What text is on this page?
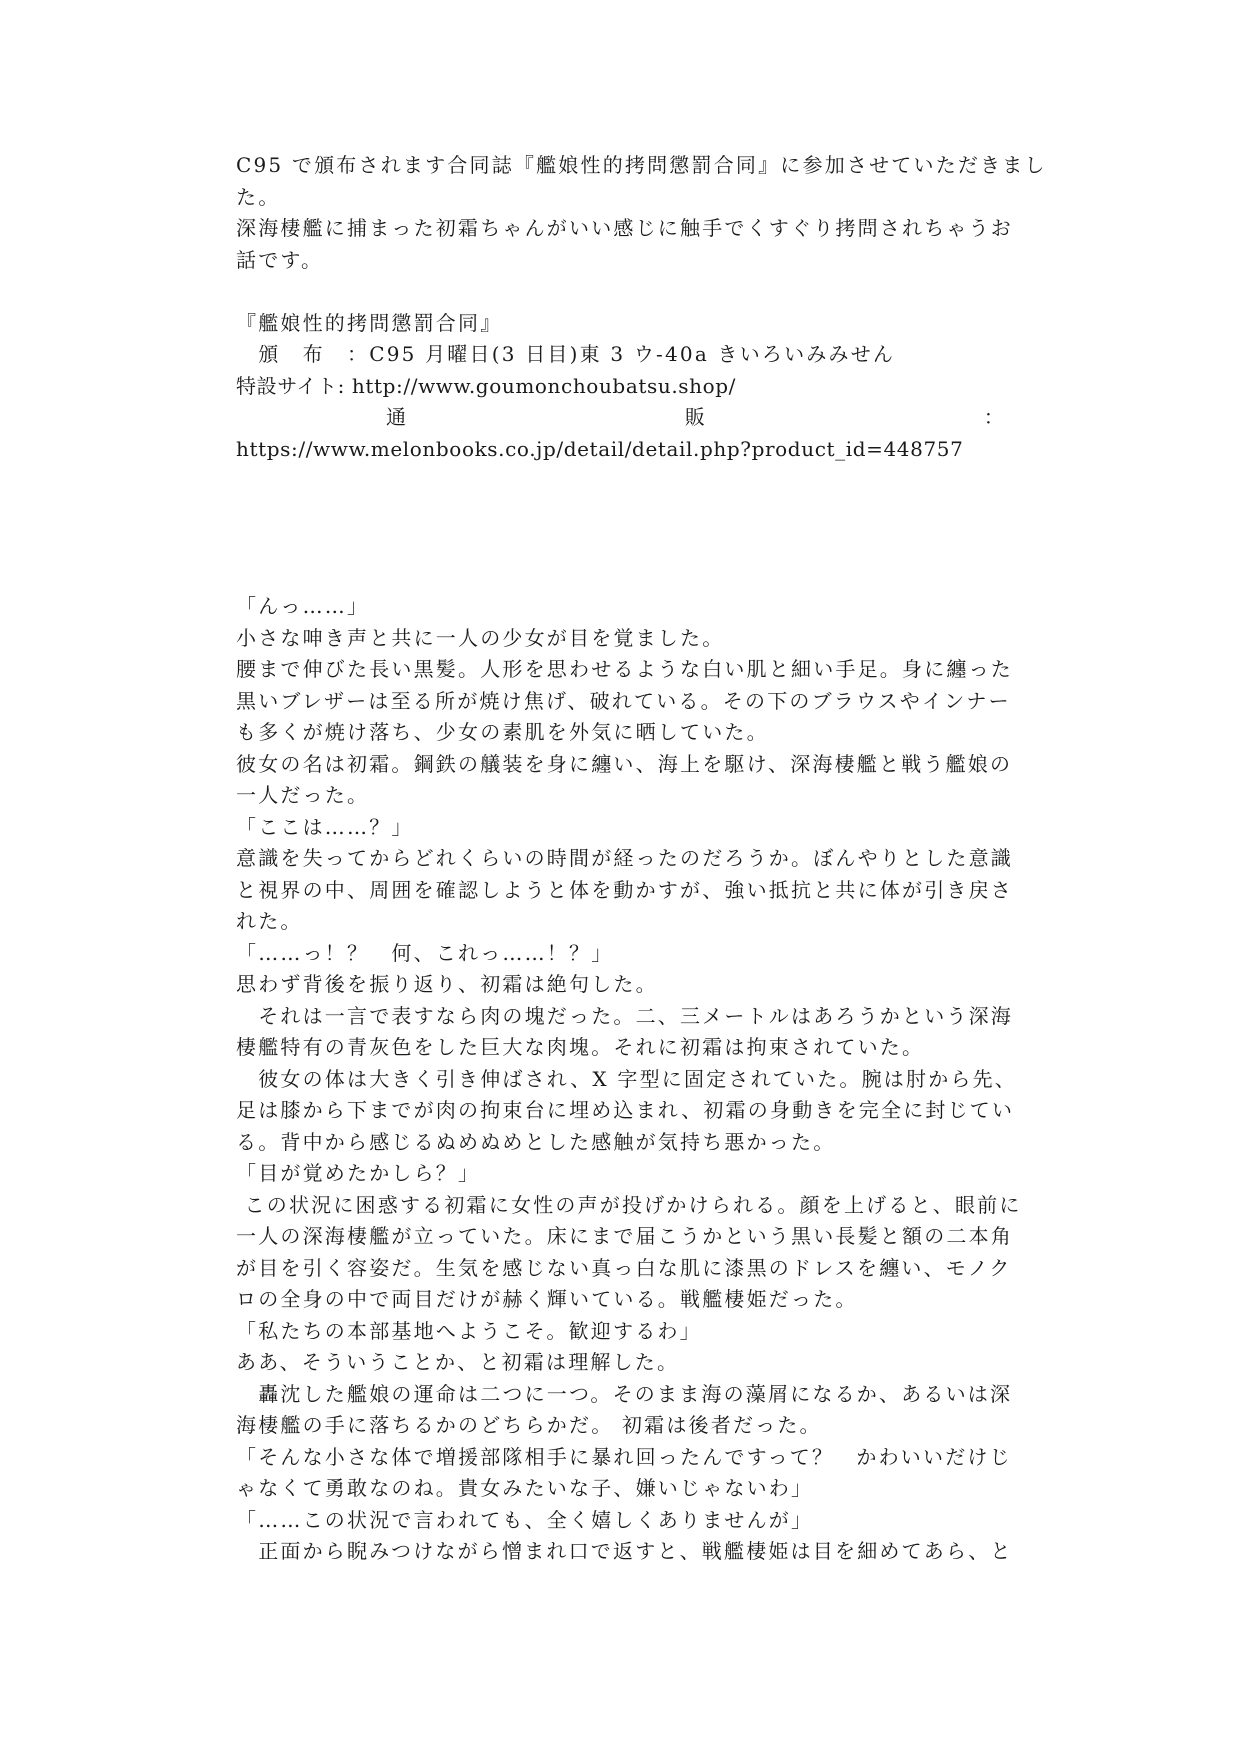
C95 で頒布されます合同誌『艦娘性的拷問懲罰合同』に参加させていただきまし

た。

深海棲艦に捕まった初霜ちゃんがいい感じに触手でくすぐり拷問されちゃうお

話です。

『艦娘性的拷問懲罰合同』

　頒　布　：C95 月曜日(3 日目)東 3 ウ-40a きいろいみみせん

特設サイト: http://www.goumonchoubatsu.shop/

通	販	：

https://www.melonbooks.co.jp/detail/detail.php?product_id=448757

「んっ……」

小さな呻き声と共に一人の少女が目を覚ました。

腰まで伸びた長い黒髪。人形を思わせるような白い肌と細い手足。身に纏った

黒いブレザーは至る所が焼け焦げ、破れている。その下のブラウスやインナー

も多くが焼け落ち、少女の素肌を外気に晒していた。

彼女の名は初霜。鋼鉄の艤装を身に纏い、海上を駆け、深海棲艦と戦う艦娘の

一人だった。

「ここは……？」

意識を失ってからどれくらいの時間が経ったのだろうか。ぼんやりとした意識

と視界の中、周囲を確認しようと体を動かすが、強い抵抗と共に体が引き戻さ

れた。

「……っ！？　何、これっ……！？」

思わず背後を振り返り、初霜は絶句した。

　それは一言で表すなら肉の塊だった。二、三メートルはあろうかという深海

棲艦特有の青灰色をした巨大な肉塊。それに初霜は拘束されていた。

　彼女の体は大きく引き伸ばされ、X 字型に固定されていた。腕は肘から先、

足は膝から下までが肉の拘束台に埋め込まれ、初霜の身動きを完全に封じてい

る。背中から感じるぬめぬめとした感触が気持ち悪かった。

「目が覚めたかしら？」

この状況に困惑する初霜に女性の声が投げかけられる。顔を上げると、眼前に

一人の深海棲艦が立っていた。床にまで届こうかという黒い長髪と額の二本角

が目を引く容姿だ。生気を感じない真っ白な肌に漆黒のドレスを纏い、モノク

ロの全身の中で両目だけが赫く輝いている。戦艦棲姫だった。

「私たちの本部基地へようこそ。歓迎するわ」

ああ、そういうことか、と初霜は理解した。

　轟沈した艦娘の運命は二つに一つ。そのまま海の藻屑になるか、あるいは深

海棲艦の手に落ちるかのどちらかだ。 初霜は後者だった。

「そんな小さな体で増援部隊相手に暴れ回ったんですって？　かわいいだけじ

ゃなくて勇敢なのね。貴女みたいな子、嫌いじゃないわ」

「……この状況で言われても、全く嬉しくありませんが」

　正面から睨みつけながら憎まれ口で返すと、戦艦棲姫は目を細めてあら、と
